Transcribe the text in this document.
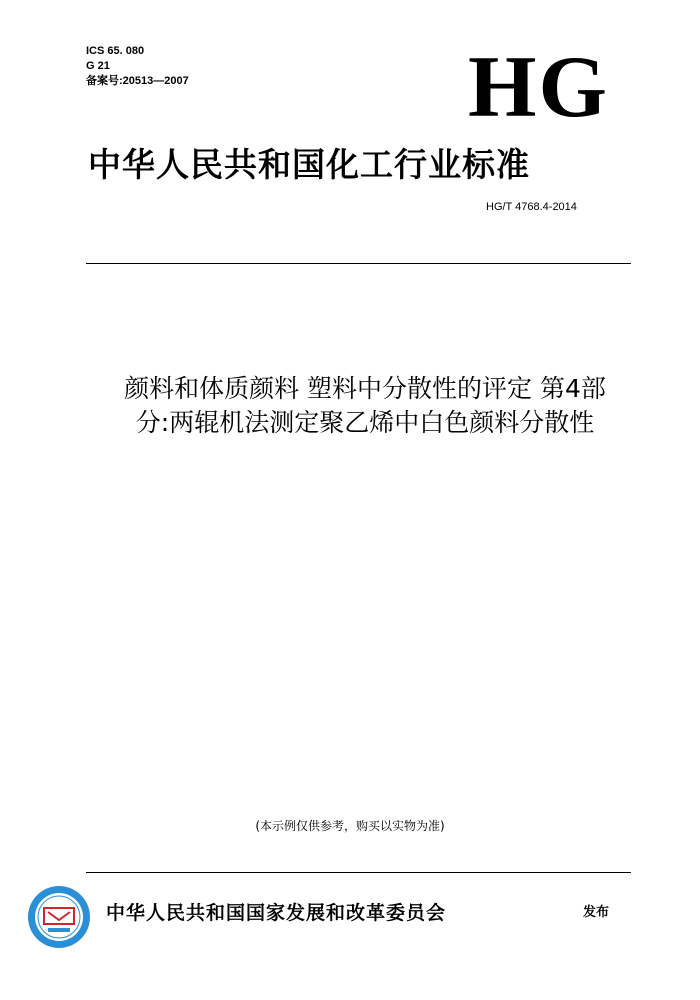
ICS 65. 080
G 21
备案号:20513—2007	HG
中华人民共和国化工行业标准
HG/T 4768.4-2014
颜料和体质颜料 塑料中分散性的评定 第4部
分:两辊机法测定聚乙烯中白色颜料分散性
(本示例仅供参考，购买以实物为准)
中华人民共和国国家发展和改革委员会	发布
